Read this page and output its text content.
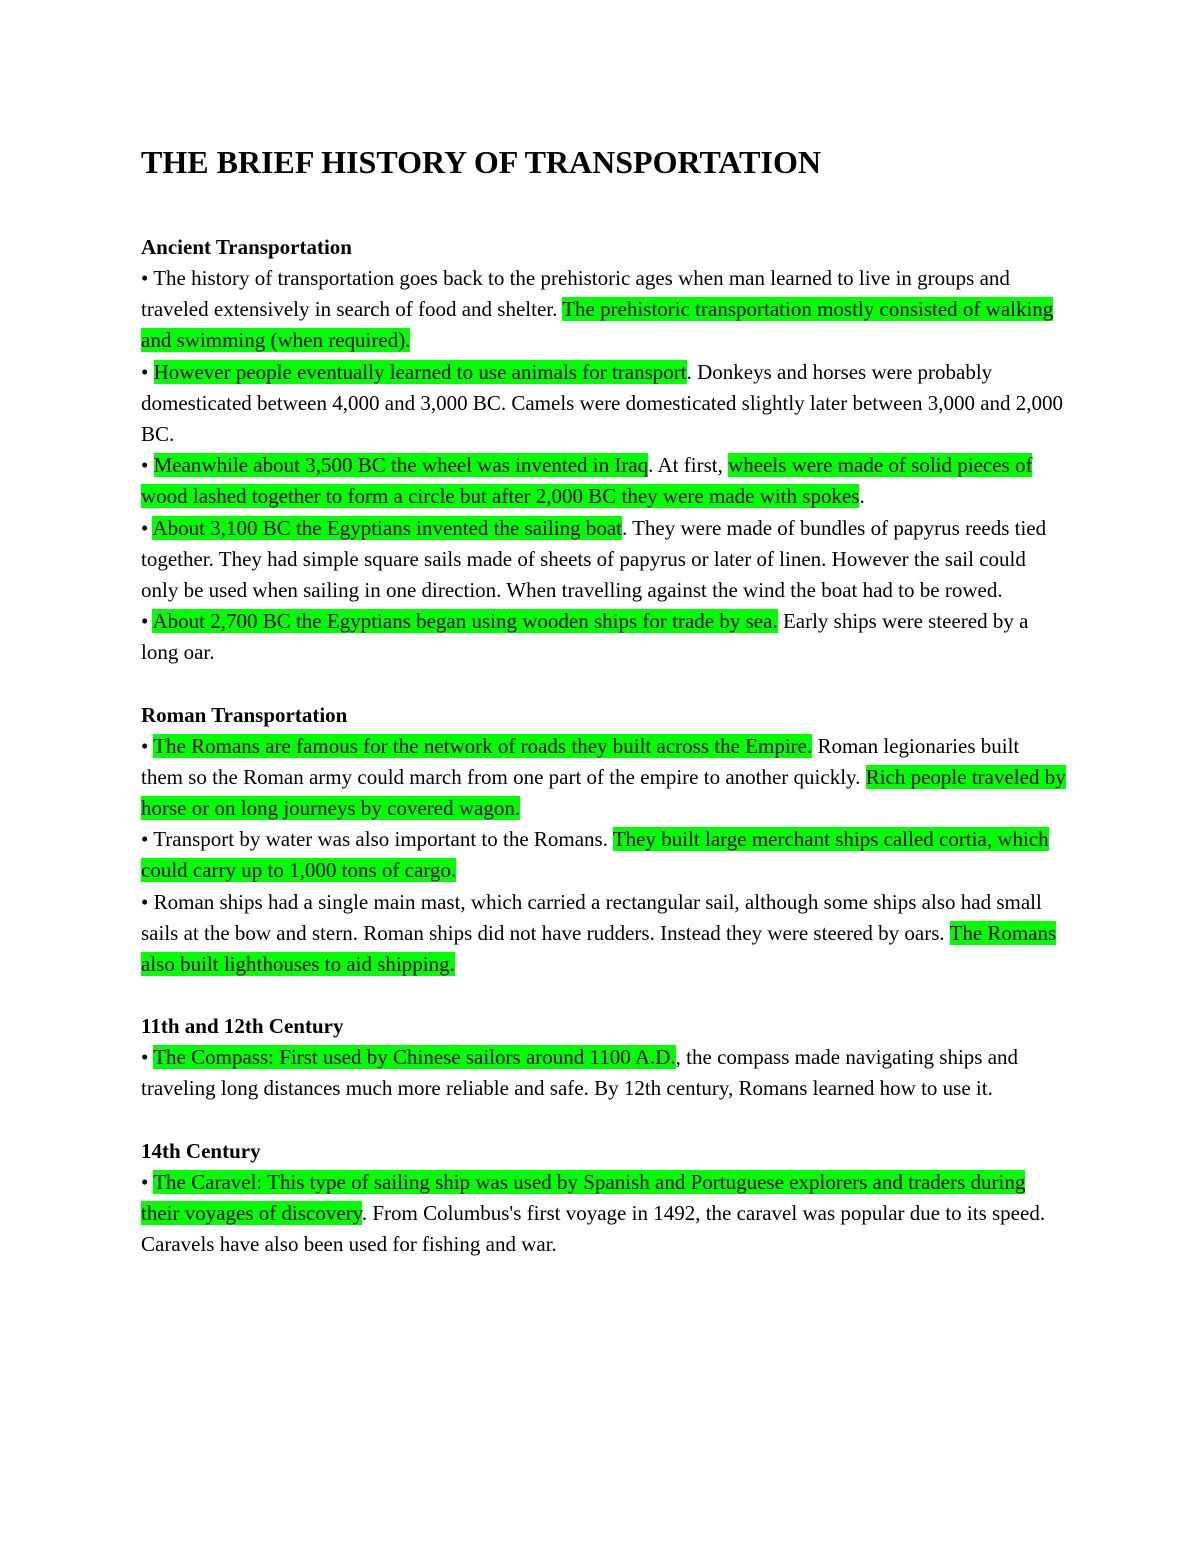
THE BRIEF HISTORY OF TRANSPORTATION
Ancient Transportation

• The history of transportation goes back to the prehistoric ages when man learned to live in groups and traveled extensively in search of food and shelter. The prehistoric transportation mostly consisted of walking and swimming (when required).

• However people eventually learned to use animals for transport. Donkeys and horses were probably domesticated between 4,000 and 3,000 BC. Camels were domesticated slightly later between 3,000 and 2,000 BC.

• Meanwhile about 3,500 BC the wheel was invented in Iraq. At first, wheels were made of solid pieces of wood lashed together to form a circle but after 2,000 BC they were made with spokes.

• About 3,100 BC the Egyptians invented the sailing boat. They were made of bundles of papyrus reeds tied together. They had simple square sails made of sheets of papyrus or later of linen. However the sail could only be used when sailing in one direction. When travelling against the wind the boat had to be rowed.

• About 2,700 BC the Egyptians began using wooden ships for trade by sea. Early ships were steered by a long oar.

Roman Transportation

• The Romans are famous for the network of roads they built across the Empire. Roman legionaries built them so the Roman army could march from one part of the empire to another quickly. Rich people traveled by horse or on long journeys by covered wagon.

• Transport by water was also important to the Romans. They built large merchant ships called cortia, which could carry up to 1,000 tons of cargo.

• Roman ships had a single main mast, which carried a rectangular sail, although some ships also had small sails at the bow and stern. Roman ships did not have rudders. Instead they were steered by oars. The Romans also built lighthouses to aid shipping.

11th and 12th Century

• The Compass: First used by Chinese sailors around 1100 A.D., the compass made navigating ships and traveling long distances much more reliable and safe. By 12th century, Romans learned how to use it.

14th Century

• The Caravel: This type of sailing ship was used by Spanish and Portuguese explorers and traders during their voyages of discovery. From Columbus's first voyage in 1492, the caravel was popular due to its speed. Caravels have also been used for fishing and war.
